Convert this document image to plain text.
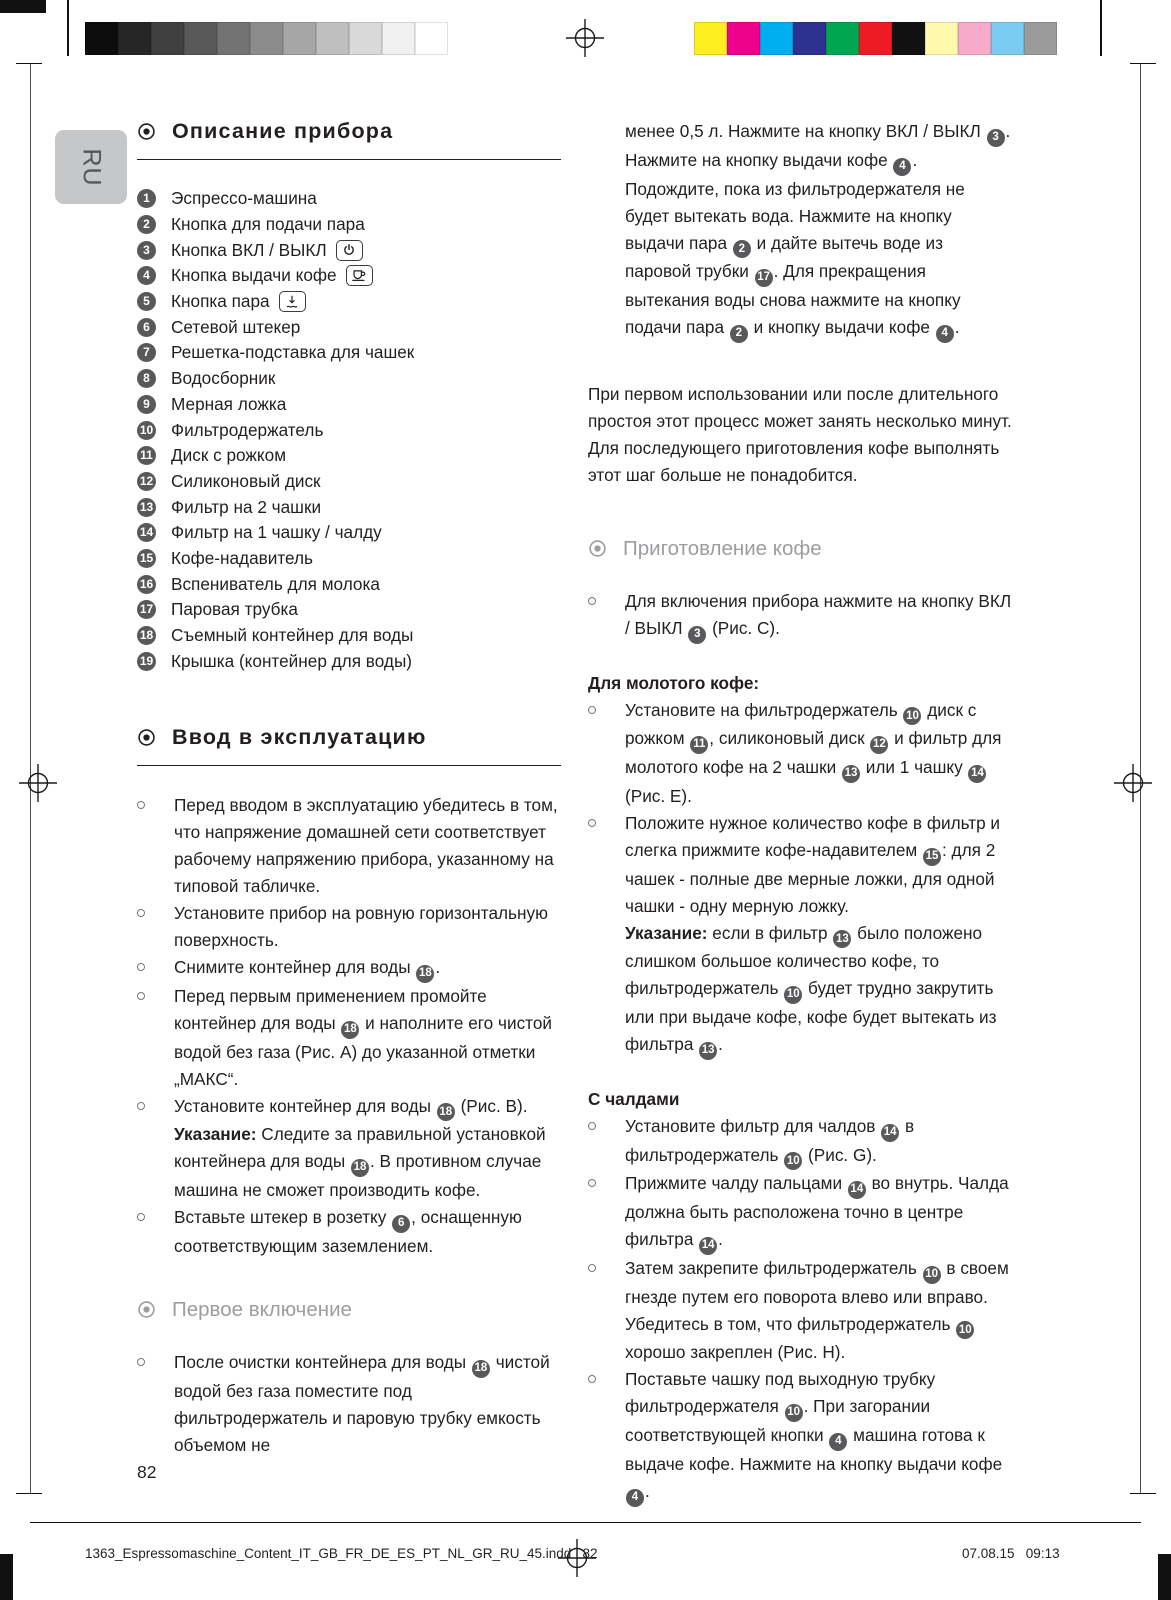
RU
Описание прибора
1	Эспрессо-машина
2	Кнопка для подачи пара
3	Кнопка ВКЛ / ВЫКЛ
4	Кнопка выдачи кофе
5	Кнопка пара
6	Сетевой штекер
7	Решетка-подставка для чашек
8	Водосборник
9	Мерная ложка
10 Фильтродержатель
11 Диск с рожком
12 Силиконовый диск
13 Фильтр на 2 чашки
14 Фильтр на 1 чашку / чалду
15 Кофе-надавитель
16 Вспениватель для молока
17 Паровая трубка
18 Съемный контейнер для воды
19 Крышка (контейнер для воды)
Ввод в эксплуатацию
Перед вводом в эксплуатацию убедитесь в том, что напряжение домашней сети соответствует рабочему напряжению прибора, указанному на типовой табличке.
Установите прибор на ровную горизонтальную поверхность.
Снимите контейнер для воды 18 .
Перед первым применением промойте контейнер для воды 18 и наполните его чистой водой без газа (Рис. А) до указанной отметки „МАКС“.
Установите контейнер для воды 18 (Рис. В).
Указание: Следите за правильной установкой контейнера для воды 18 . В противном случае машина не сможет производить кофе.
Вставьте штекер в розетку 6 , оснащенную соответствующим заземлением.
Первое включение
После очистки контейнера для воды 18 чистой водой без газа поместите под фильтродержатель и паровую трубку емкость объемом не
менее 0,5 л. Нажмите на кнопку ВКЛ / ВЫКЛ 3 . Нажмите на кнопку выдачи кофе 4 . Подождите, пока из фильтродержателя не будет вытекать вода. Нажмите на кнопку выдачи пара 2 и дайте вытечь воде из паровой трубки 17 . Для прекращения вытекания воды снова нажмите на кнопку подачи пара 2 и кнопку выдачи кофе 4 .
При первом использовании или после длительного простоя этот процесс может занять несколько минут. Для последующего приготовления кофе выполнять этот шаг больше не понадобится.
Приготовление кофе
Для включения прибора нажмите на кнопку ВКЛ / ВЫКЛ 3 (Рис. С).
Для молотого кофе:
Установите на фильтродержатель 10 диск с рожком 11 , силиконовый диск 12 и фильтр для молотого кофе на 2 чашки 13 или 1 чашку 14 (Рис. Е).
Положите нужное количество кофе в фильтр и слегка прижмите кофе-надавителем 15 : для 2 чашек - полные две мерные ложки, для одной чашки - одну мерную ложку.
Указание: если в фильтр 13 было положено слишком большое количество кофе, то фильтродержатель 10 будет трудно закрутить или при выдаче кофе, кофе будет вытекать из фильтра 13 .
С чалдами
Установите фильтр для чалдов 14 в фильтродержатель 10 (Рис. G).
Прижмите чалду пальцами 14 во внутрь. Чалда должна быть расположена точно в центре фильтра 14 .
Затем закрепите фильтродержатель 10 в своем гнезде путем его поворота влево или вправо. Убедитесь в том, что фильтродержатель 10 хорошо закреплен (Рис. Н).
Поставьте чашку под выходную трубку фильтродержателя 10 . При загорании соответствующей кнопки 4 машина готова к выдаче кофе. Нажмите на кнопку выдачи кофе 4 .
82
1363_Espressomaschine_Content_IT_GB_FR_DE_ES_PT_NL_GR_RU_45.indd   82	07.08.15   09:13
